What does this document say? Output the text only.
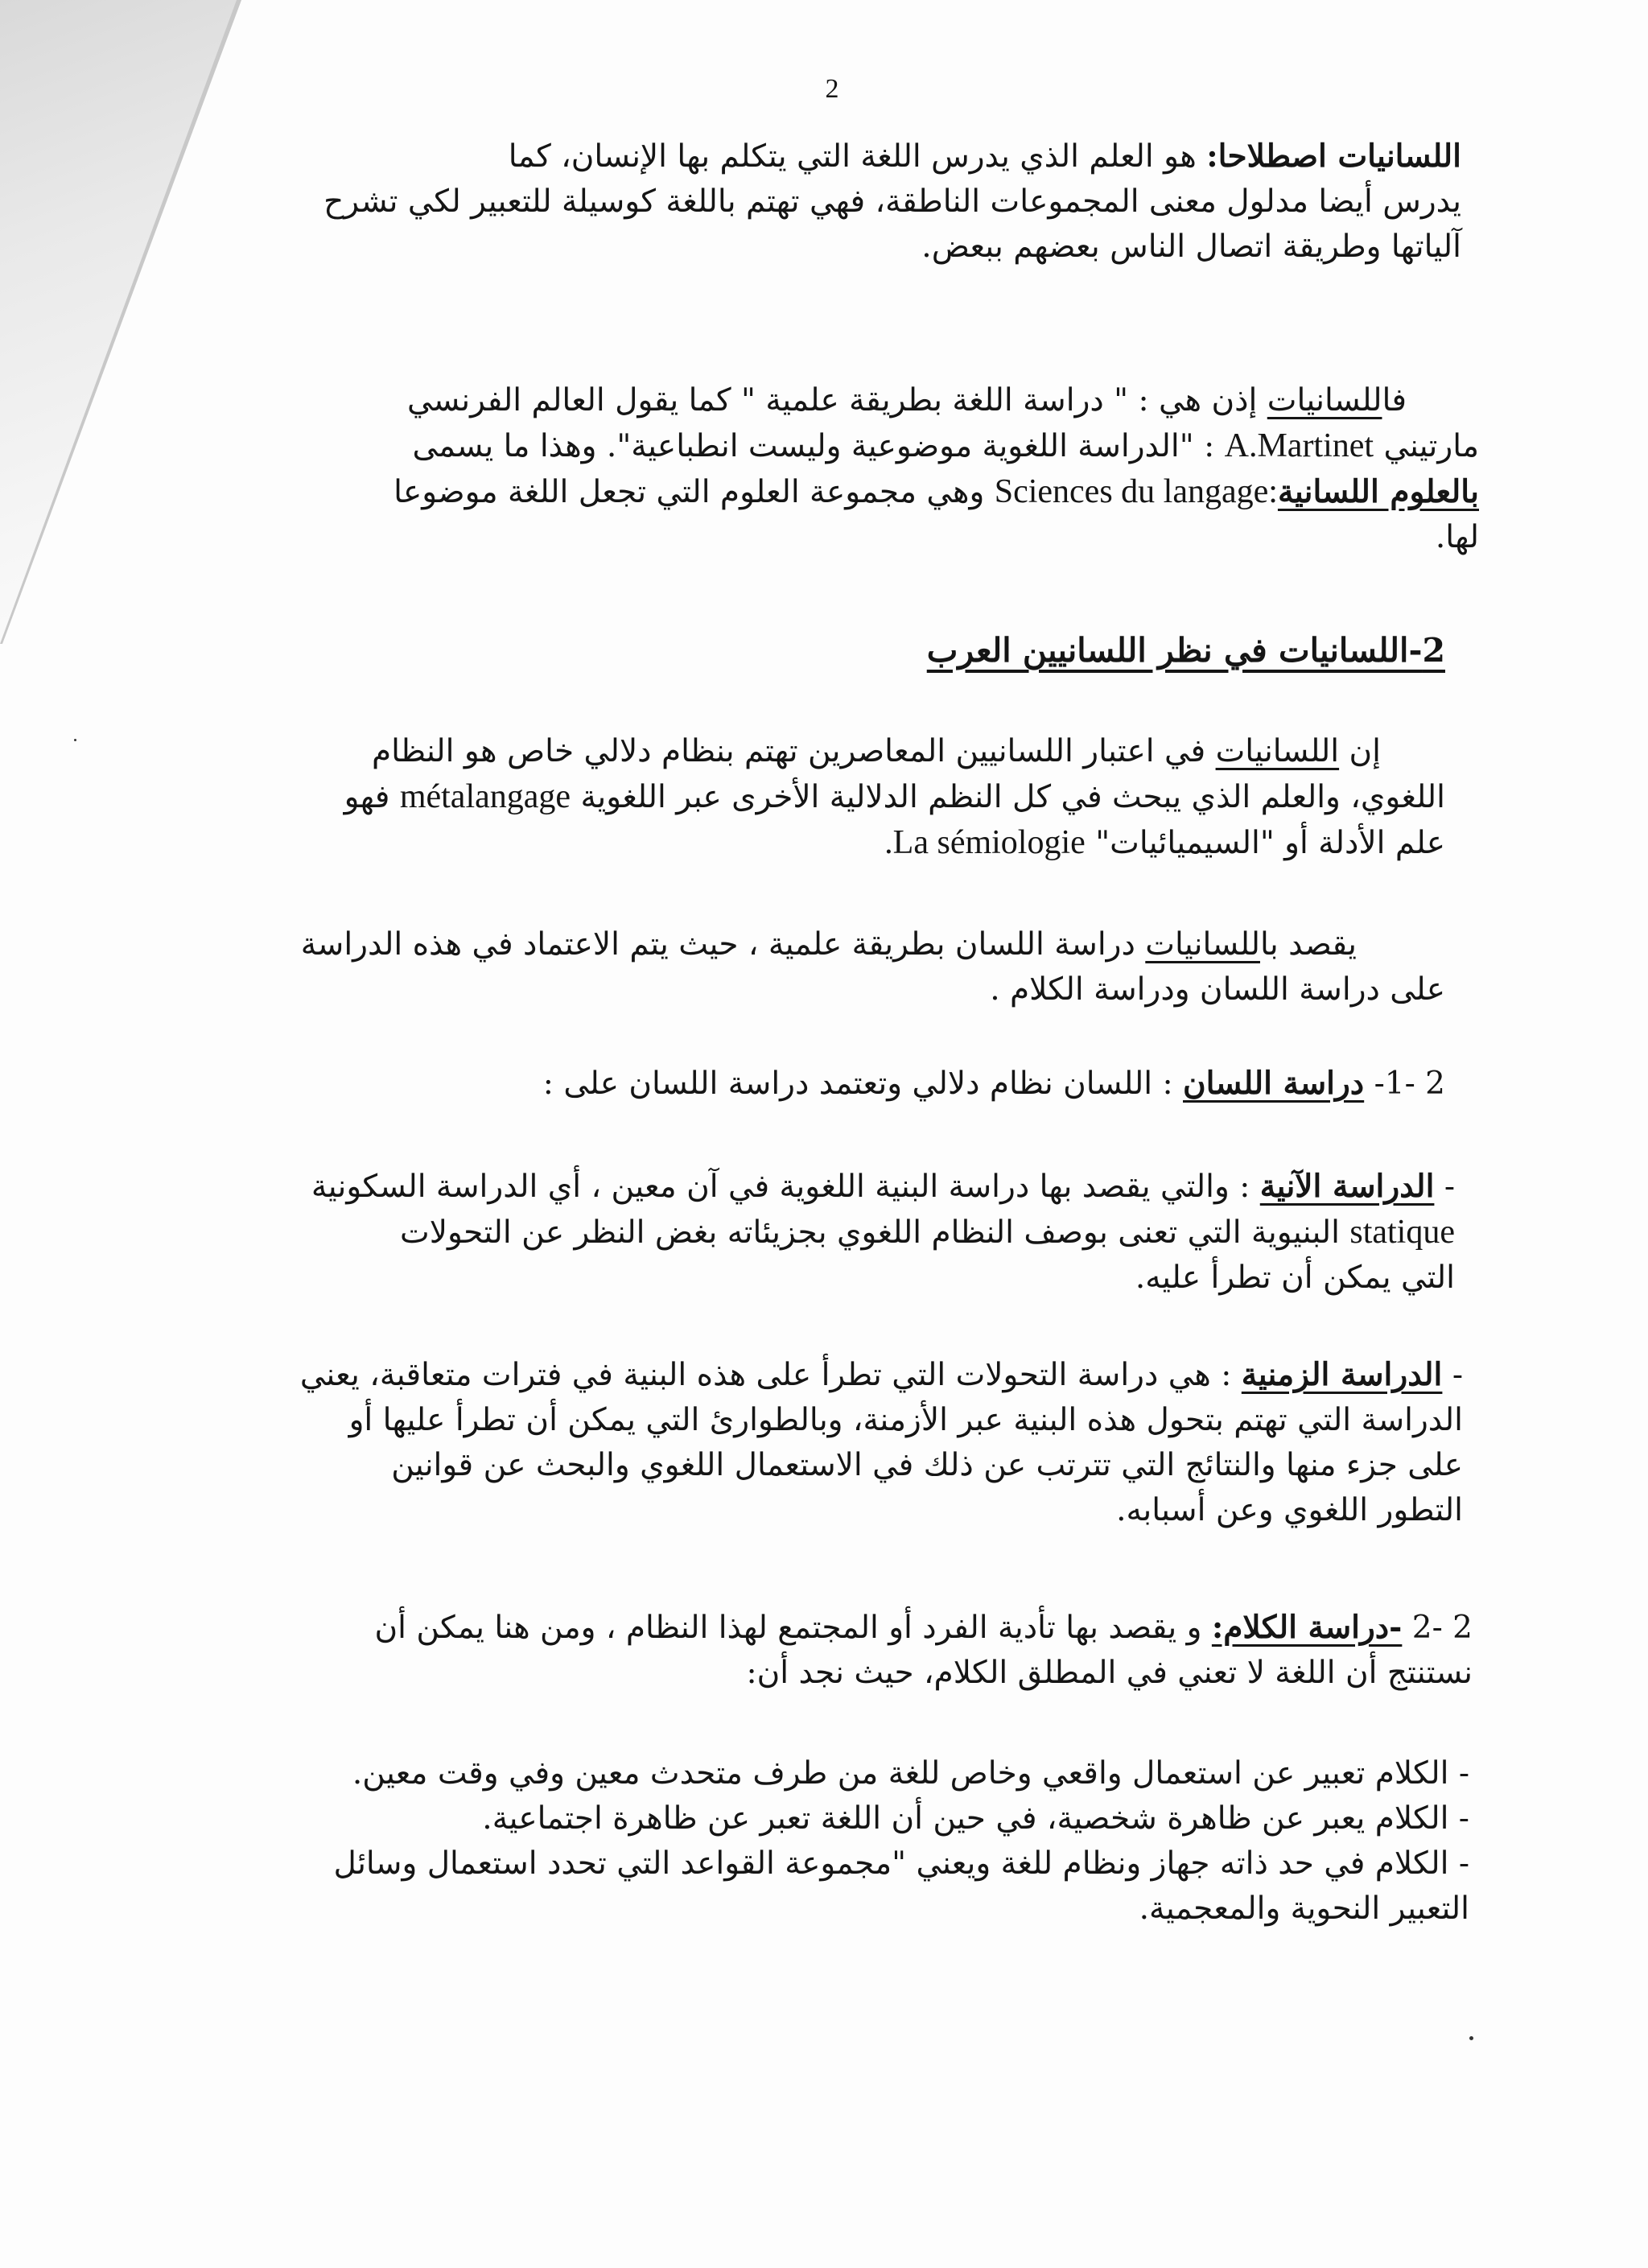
2
اللسانيات اصطلاحا: هو العلم الذي يدرس اللغة التي يتكلم بها الإنسان، كما
يدرس أيضا مدلول معنى المجموعات الناطقة، فهي تهتم باللغة كوسيلة للتعبير لكي تشرح
آلياتها وطريقة اتصال الناس بعضهم ببعض.
فاللسانيات إذن هي : " دراسة اللغة بطريقة علمية " كما يقول العالم الفرنسي
مارتيني A.Martinet : "الدراسة اللغوية موضوعية وليست انطباعية". وهذا ما يسمى
بالعلوم اللسانية:Sciences du langage وهي مجموعة العلوم التي تجعل اللغة موضوعا
لها.
2-اللسانيات في نظر اللسانيين العرب
إن اللسانيات في اعتبار اللسانيين المعاصرين تهتم بنظام دلالي خاص هو النظام
اللغوي، والعلم الذي يبحث في كل النظم الدلالية الأخرى عبر اللغوية métalangage فهو
علم الأدلة أو "السيميائيات" La sémiologie.
يقصد باللسانيات دراسة اللسان بطريقة علمية ، حيث يتم الاعتماد في هذه الدراسة
على دراسة اللسان ودراسة الكلام .
2 -1- دراسة اللسان : اللسان نظام دلالي وتعتمد دراسة اللسان على :
- الدراسة الآنية : والتي يقصد بها دراسة البنية اللغوية في آن معين ، أي الدراسة السكونية
statique البنيوية التي تعنى بوصف النظام اللغوي بجزيئاته بغض النظر عن التحولات
التي يمكن أن تطرأ عليه.
- الدراسة الزمنية : هي دراسة التحولات التي تطرأ على هذه البنية في فترات متعاقبة، يعني
الدراسة التي تهتم بتحول هذه البنية عبر الأزمنة، وبالطوارئ التي يمكن أن تطرأ عليها أو
على جزء منها والنتائج التي تترتب عن ذلك في الاستعمال اللغوي والبحث عن قوانين
التطور اللغوي وعن أسبابه.
2 -2 -دراسة الكلام: و يقصد بها تأدية الفرد أو المجتمع لهذا النظام ، ومن هنا يمكن أن
نستنتج أن اللغة لا تعني في المطلق الكلام، حيث نجد أن:
- الكلام تعبير عن استعمال واقعي وخاص للغة من طرف متحدث معين وفي وقت معين.
- الكلام يعبر عن ظاهرة شخصية، في حين أن اللغة تعبر عن ظاهرة اجتماعية.
- الكلام في حد ذاته جهاز ونظام للغة ويعني "مجموعة القواعد التي تحدد استعمال وسائل
التعبير النحوية والمعجمية.
